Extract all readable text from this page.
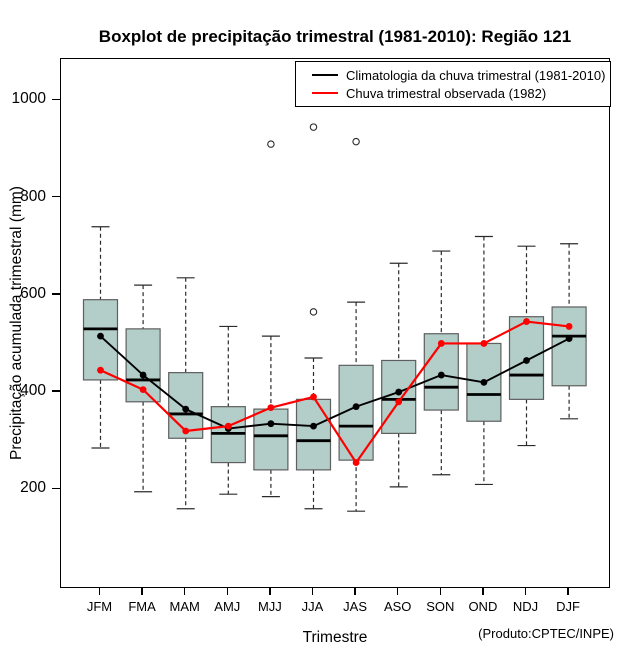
Boxplot de precipitação trimestral (1981-2010): Região 121
Precipitação acumulada trimestral (mm)
Climatologia da chuva trimestral (1981-2010)
Chuva trimestral observada (1982)
Trimestre	(Produto:CPTEC/INPE)
1000
800
600
400
200
JFM	FMA	MAM	AMJ	MJJ	JJA	JAS	ASO	SON	OND	NDJ	DJF
